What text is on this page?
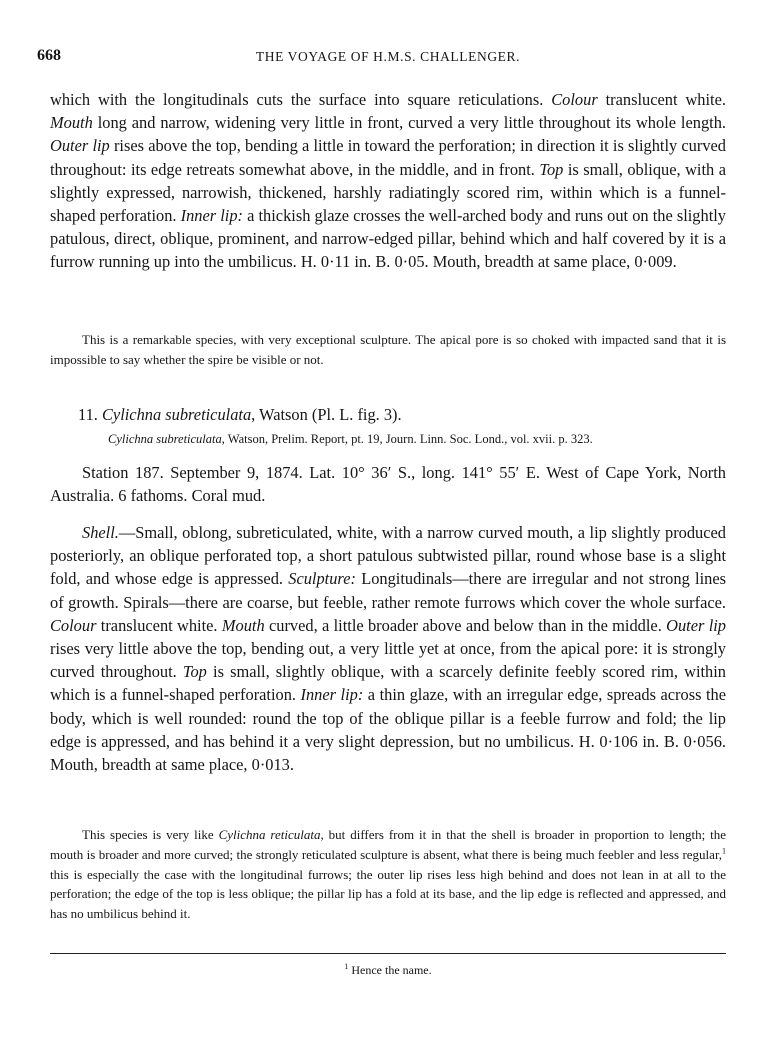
668	THE VOYAGE OF H.M.S. CHALLENGER.

which with the longitudinals cuts the surface into square reticulations. Colour translucent white. Mouth long and narrow, widening very little in front, curved a very little throughout its whole length. Outer lip rises above the top, bending a little in toward the perforation; in direction it is slightly curved throughout: its edge retreats somewhat above, in the middle, and in front. Top is small, oblique, with a slightly expressed, narrowish, thickened, harshly radiatingly scored rim, within which is a funnel-shaped perforation. Inner lip: a thickish glaze crosses the well-arched body and runs out on the slightly patulous, direct, oblique, prominent, and narrow-edged pillar, behind which and half covered by it is a furrow running up into the umbilicus. H. 0·11 in. B. 0·05. Mouth, breadth at same place, 0·009.

This is a remarkable species, with very exceptional sculpture. The apical pore is so choked with impacted sand that it is impossible to say whether the spire be visible or not.

11. Cylichna subreticulata, Watson (Pl. L. fig. 3).
Cylichna subreticulata, Watson, Prelim. Report, pt. 19, Journ. Linn. Soc. Lond., vol. xvii. p. 323.

Station 187. September 9, 1874. Lat. 10° 36′ S., long. 141° 55′ E. West of Cape York, North Australia. 6 fathoms. Coral mud.

Shell.—Small, oblong, subreticulated, white, with a narrow curved mouth, a lip slightly produced posteriorly, an oblique perforated top, a short patulous subtwisted pillar, round whose base is a slight fold, and whose edge is appressed. Sculpture: Longitudinals—there are irregular and not strong lines of growth. Spirals—there are coarse, but feeble, rather remote furrows which cover the whole surface. Colour translucent white. Mouth curved, a little broader above and below than in the middle. Outer lip rises very little above the top, bending out, a very little yet at once, from the apical pore: it is strongly curved throughout. Top is small, slightly oblique, with a scarcely definite feebly scored rim, within which is a funnel-shaped perforation. Inner lip: a thin glaze, with an irregular edge, spreads across the body, which is well rounded: round the top of the oblique pillar is a feeble furrow and fold; the lip edge is appressed, and has behind it a very slight depression, but no umbilicus. H. 0·106 in. B. 0·056. Mouth, breadth at same place, 0·013.

This species is very like Cylichna reticulata, but differs from it in that the shell is broader in proportion to length; the mouth is broader and more curved; the strongly reticulated sculpture is absent, what there is being much feebler and less regular,$^1$ this is especially the case with the longitudinal furrows; the outer lip rises less high behind and does not lean in at all to the perforation; the edge of the top is less oblique; the pillar lip has a fold at its base, and the lip edge is reflected and appressed, and has no umbilicus behind it.

$^1$ Hence the name.
